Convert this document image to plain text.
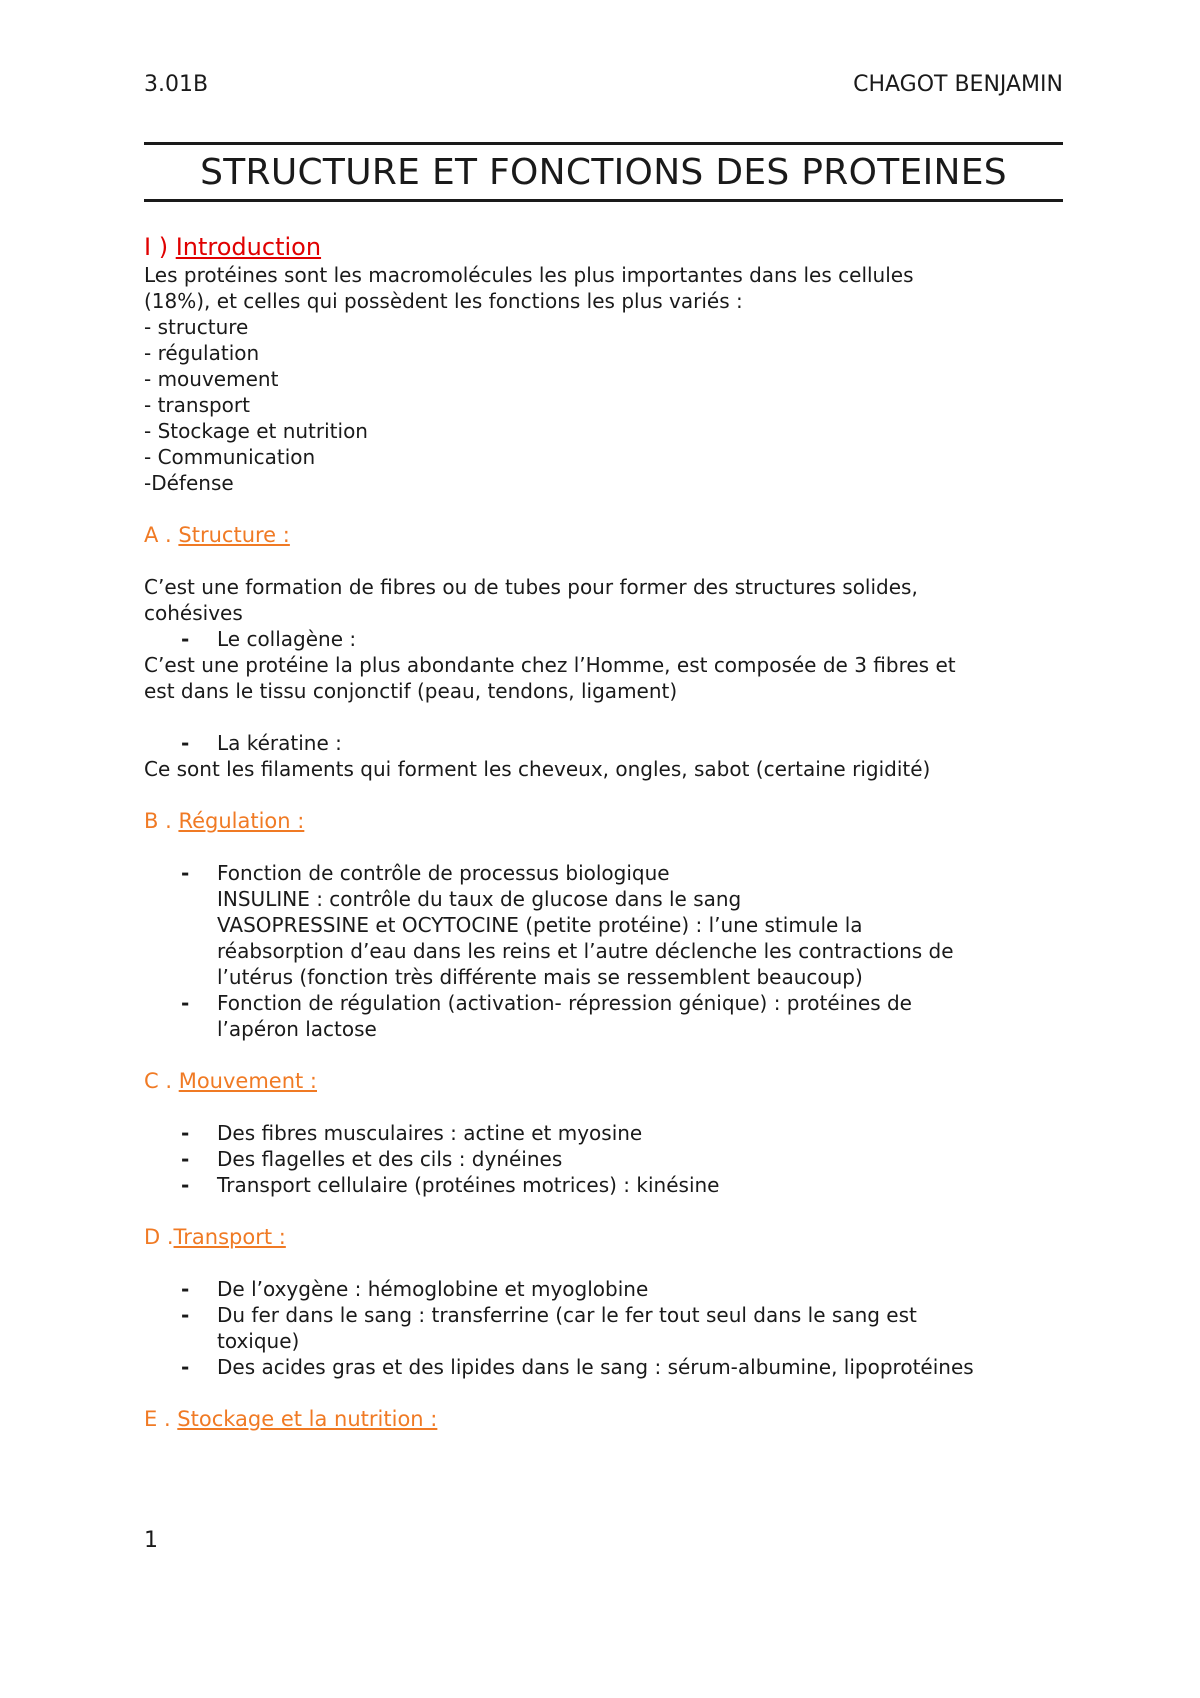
3.01B	CHAGOT BENJAMIN
STRUCTURE ET FONCTIONS DES PROTEINES

I ) Introduction

Les protéines sont les macromolécules les plus importantes dans les cellules

(18%), et celles qui possèdent les fonctions les plus variés :

- structure

- régulation

- mouvement

- transport

- Stockage et nutrition

- Communication

-Défense

A . Structure :

C’est une formation de fibres ou de tubes pour former des structures solides,

cohésives

- Le collagène :

C’est une protéine la plus abondante chez l’Homme, est composée de 3 fibres et

est dans le tissu conjonctif (peau, tendons, ligament)

- La kératine :

Ce sont les filaments qui forment les cheveux, ongles, sabot (certaine rigidité)

B . Régulation :

- Fonction de contrôle de processus biologique
INSULINE : contrôle du taux de glucose dans le sang
VASOPRESSINE et OCYTOCINE (petite protéine) : l’une stimule la
réabsorption d’eau dans les reins et l’autre déclenche les contractions de
l’utérus (fonction très différente mais se ressemblent beaucoup)
- Fonction de régulation (activation- répression génique) : protéines de
l’apéron lactose

C . Mouvement :

- Des fibres musculaires : actine et myosine
- Des flagelles et des cils : dynéines
- Transport cellulaire (protéines motrices) : kinésine

D .Transport :

- De l’oxygène : hémoglobine et myoglobine
- Du fer dans le sang : transferrine (car le fer tout seul dans le sang est
toxique)
- Des acides gras et des lipides dans le sang : sérum-albumine, lipoprotéines

E . Stockage et la nutrition :

1
